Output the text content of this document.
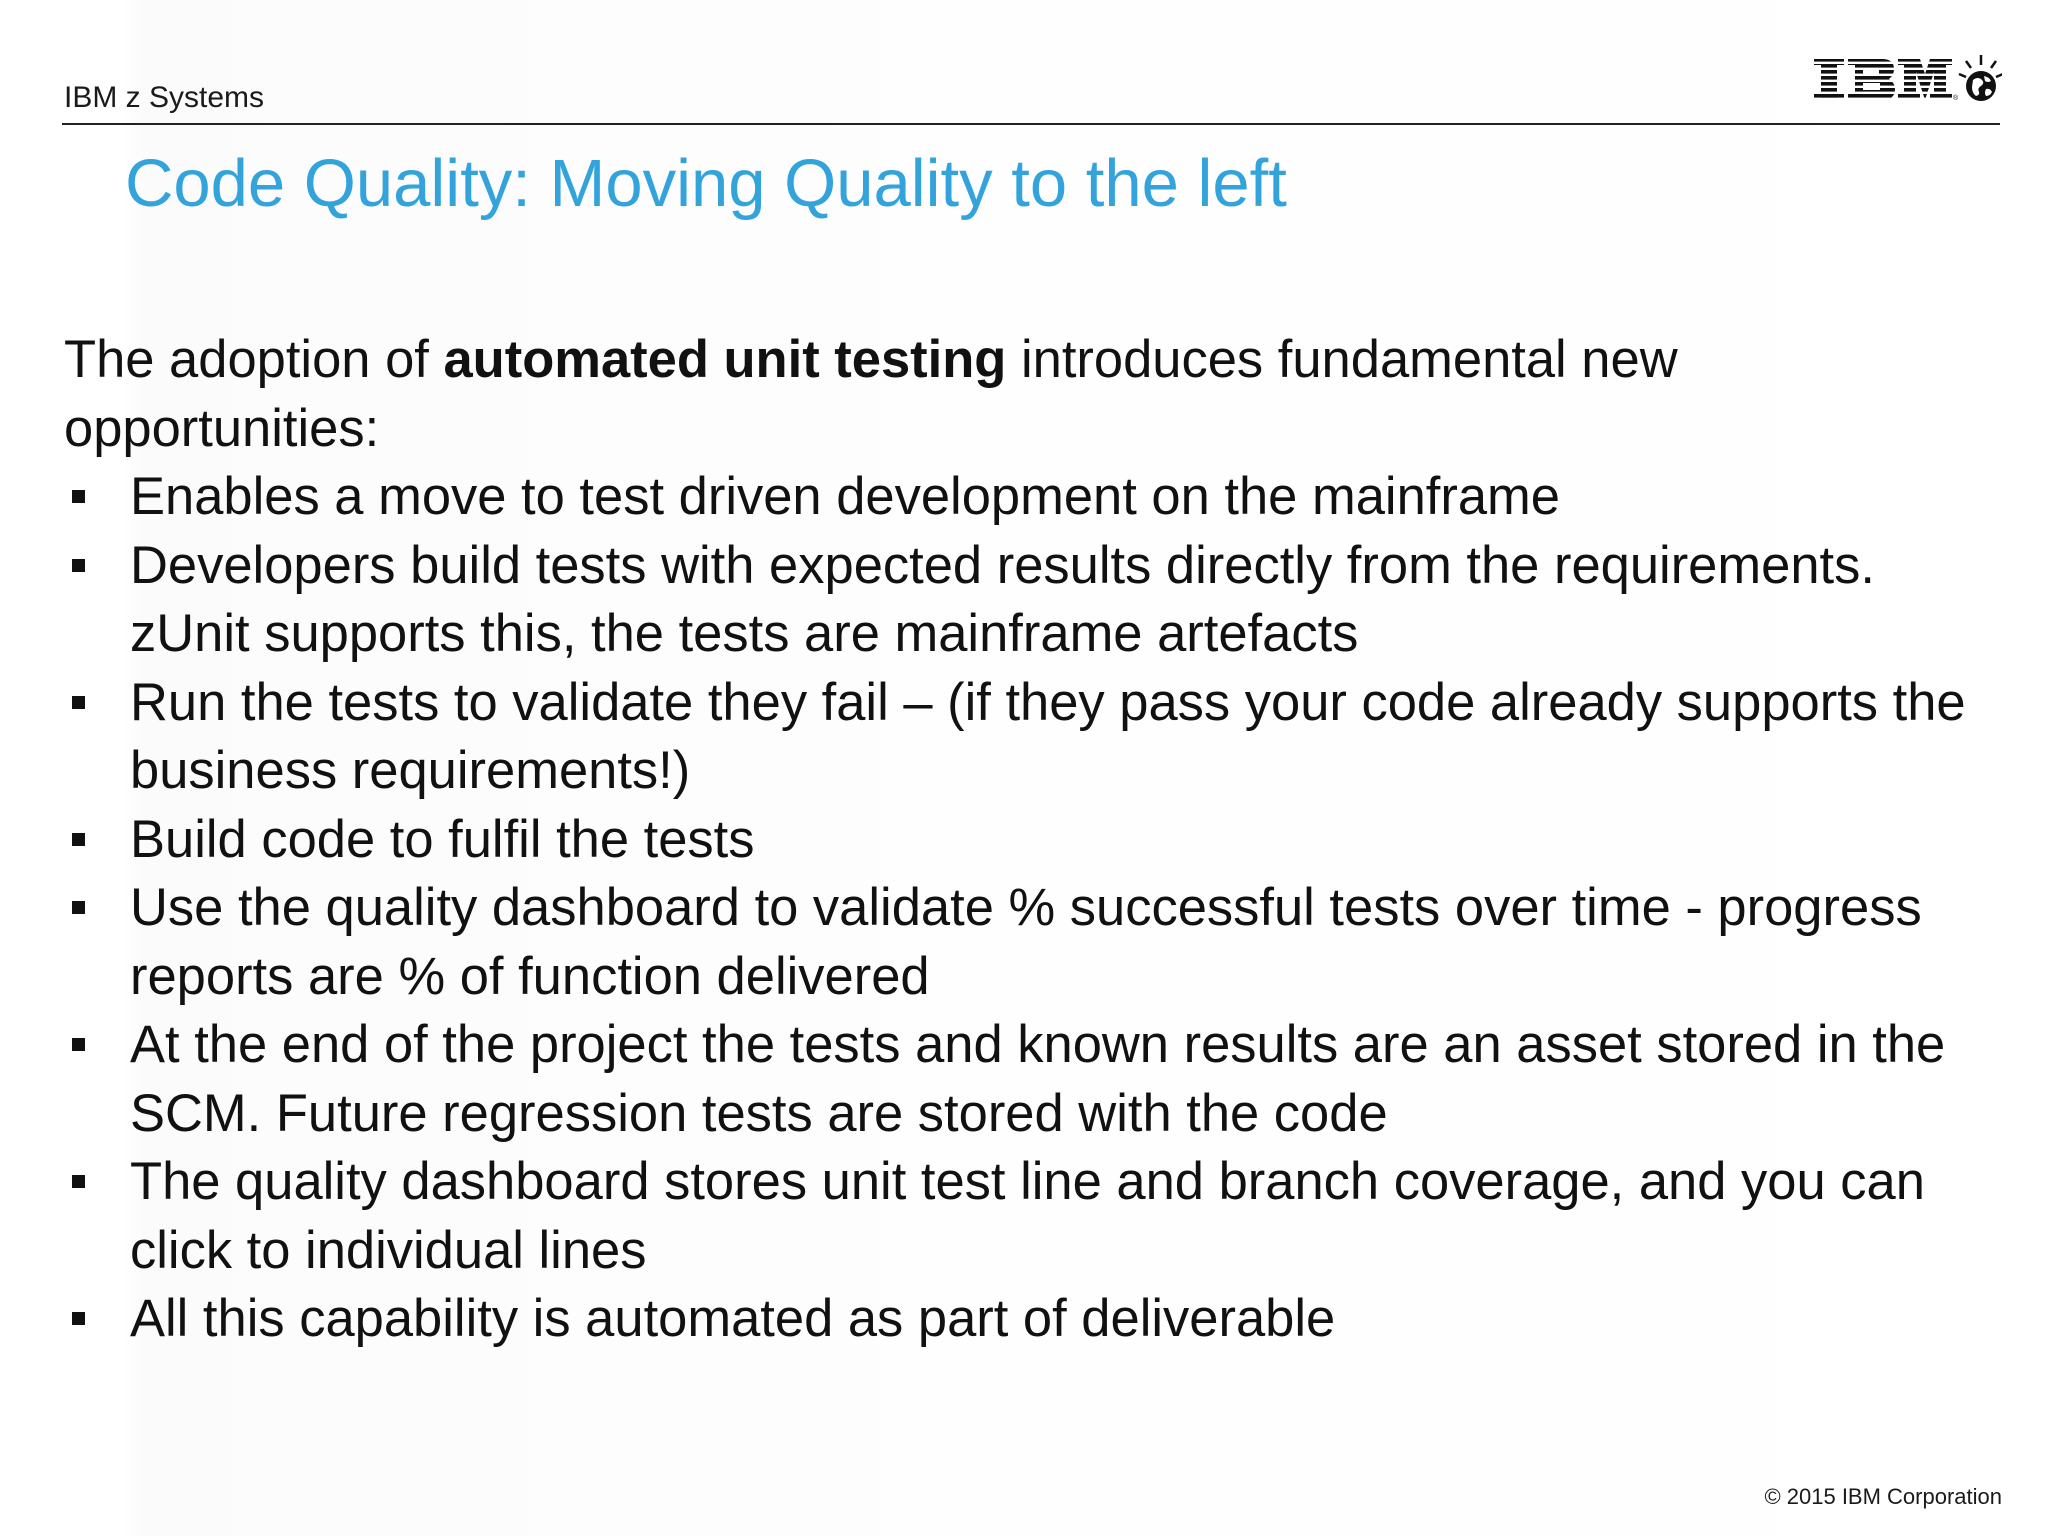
IBM z Systems	®
Code Quality: Moving Quality to the left
The adoption of automated unit testing introduces fundamental new opportunities:
Enables a move to test driven development on the mainframe
Developers build tests with expected results directly from the requirements. zUnit supports this, the tests are mainframe artefacts
Run the tests to validate they fail – (if they pass your code already supports the business requirements!)
Build code to fulfil the tests
Use the quality dashboard to validate % successful tests over time - progress reports are % of function delivered
At the end of the project the tests and known results are an asset stored in the SCM. Future regression tests are stored with the code
The quality dashboard stores unit test line and branch coverage, and you can click to individual lines
All this capability is automated as part of deliverable
© 2015 IBM Corporation
